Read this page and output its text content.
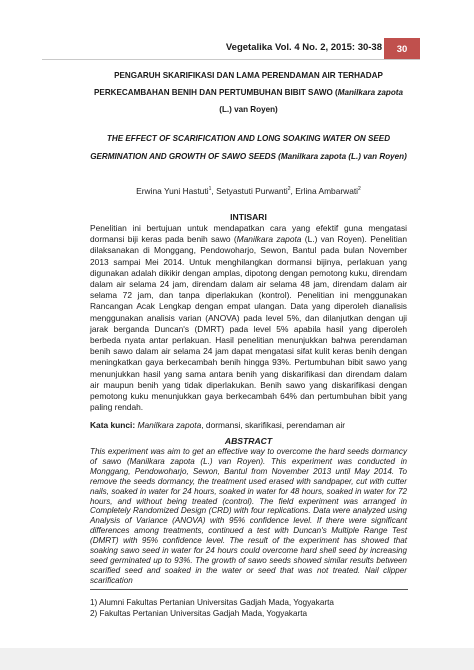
Vegetalika Vol. 4 No. 2, 2015: 30-38	30
PENGARUH SKARIFIKASI DAN LAMA PERENDAMAN AIR TERHADAP PERKECAMBAHAN BENIH DAN PERTUMBUHAN BIBIT SAWO (Manilkara zapota (L.) van Royen)
THE EFFECT OF SCARIFICATION AND LONG SOAKING WATER ON SEED GERMINATION AND GROWTH OF SAWO SEEDS (Manilkara zapota (L.) van Royen)
Erwina Yuni Hastuti$^1$, Setyastuti Purwanti$^2$, Erlina Ambarwati$^2$
INTISARI
Penelitian ini bertujuan untuk mendapatkan cara yang efektif guna mengatasi dormansi biji keras pada benih sawo (Manilkara zapota (L.) van Royen). Penelitian dilaksanakan di Monggang, Pendowoharjo, Sewon, Bantul pada bulan November 2013 sampai Mei 2014. Untuk menghilangkan dormansi bijinya, perlakuan yang digunakan adalah dikikir dengan amplas, dipotong dengan pemotong kuku, direndam dalam air selama 24 jam, direndam dalam air selama 48 jam, direndam dalam air selama 72 jam, dan tanpa diperlakukan (kontrol). Penelitian ini menggunakan Rancangan Acak Lengkap dengan empat ulangan. Data yang diperoleh dianalisis menggunakan analisis varian (ANOVA) pada level 5%, dan dilanjutkan dengan uji jarak berganda Duncan's (DMRT) pada level 5% apabila hasil yang diperoleh berbeda nyata antar perlakuan. Hasil penelitian menunjukkan bahwa perendaman benih sawo dalam air selama 24 jam dapat mengatasi sifat kulit keras benih dengan meningkatkan gaya berkecambah benih hingga 93%. Pertumbuhan bibit sawo yang menunjukkan hasil yang sama antara benih yang diskarifikasi dan direndam dalam air maupun benih yang tidak diperlakukan. Benih sawo yang diskarifikasi dengan pemotong kuku menunjukkan gaya berkecambah 64% dan pertumbuhan bibit yang paling rendah.
Kata kunci: Manilkara zapota, dormansi, skarifikasi, perendaman air
ABSTRACT
This experiment was aim to get an effective way to overcome the hard seeds dormancy of sawo (Manilkara zapota (L.) van Royen). This experiment was conducted in Monggang, Pendowoharjo, Sewon, Bantul from November 2013 until May 2014. To remove the seeds dormancy, the treatment used erased with sandpaper, cut with cutter nails, soaked in water for 24 hours, soaked in water for 48 hours, soaked in water for 72 hours, and without being treated (control). The field experiment was arranged in Completely Randomized Design (CRD) with four replications. Data were analyzed using Analysis of Variance (ANOVA) with 95% confidence level. If there were significant differences among treatments, continued a test with Duncan's Multiple Range Test (DMRT) with 95% confidence level. The result of the experiment has showed that soaking sawo seed in water for 24 hours could overcome hard shell seed by increasing seed germinated up to 93%. The growth of sawo seeds showed similar results between scarified seed and soaked in the water or seed that was not treated. Nail clipper scarification
1) Alumni Fakultas Pertanian Universitas Gadjah Mada, Yogyakarta
2) Fakultas Pertanian Universitas Gadjah Mada, Yogyakarta
